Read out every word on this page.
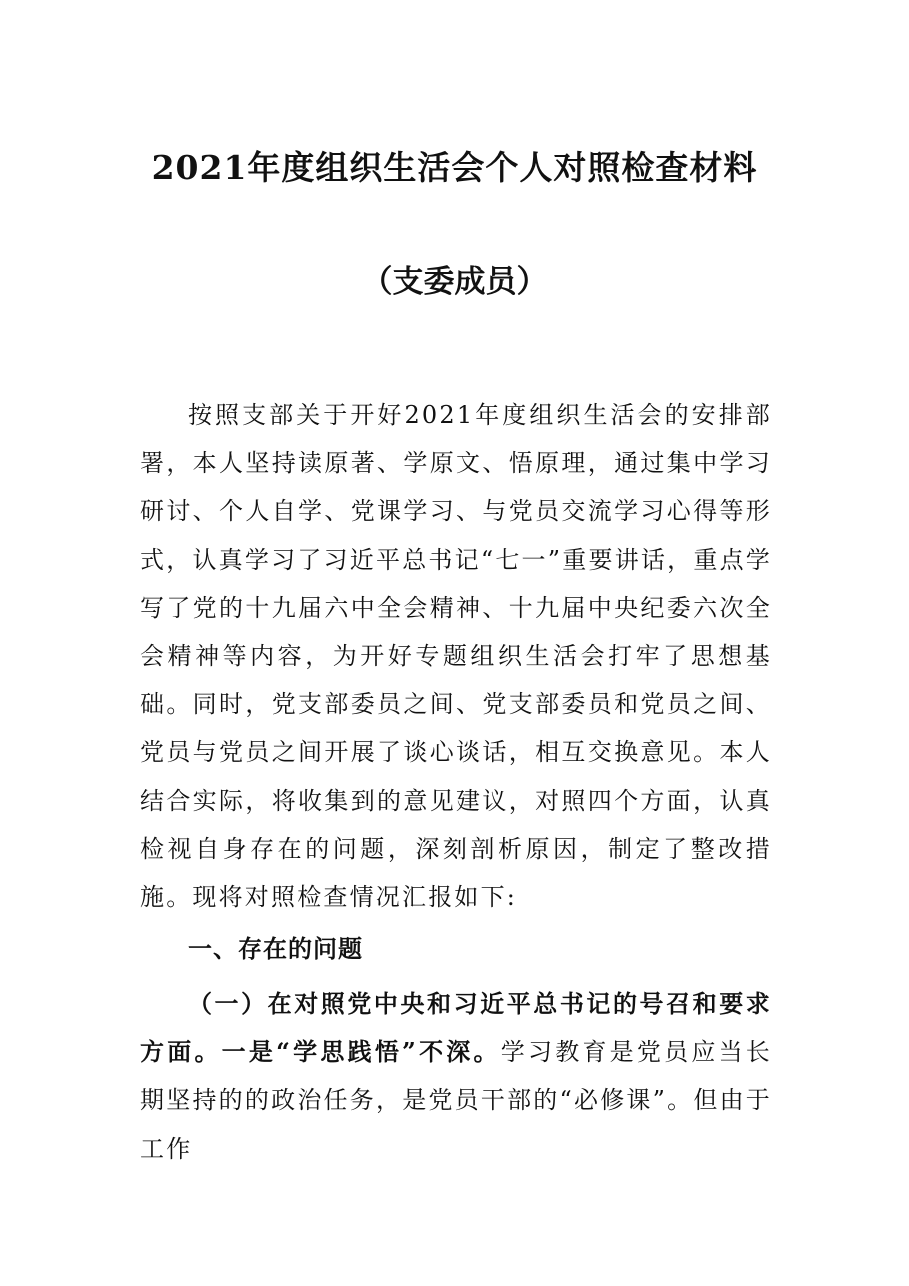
2021年度组织生活会个人对照检查材料
（支委成员）

按照支部关于开好2021年度组织生活会的安排部署，本人坚持读原著、学原文、悟原理，通过集中学习研讨、个人自学、党课学习、与党员交流学习心得等形式，认真学习了习近平总书记“七一”重要讲话，重点学写了党的十九届六中全会精神、十九届中央纪委六次全会精神等内容，为开好专题组织生活会打牢了思想基础。同时，党支部委员之间、党支部委员和党员之间、党员与党员之间开展了谈心谈话，相互交换意见。本人结合实际，将收集到的意见建议，对照四个方面，认真检视自身存在的问题，深刻剖析原因，制定了整改措施。现将对照检查情况汇报如下:

一、存在的问题

（一）在对照党中央和习近平总书记的号召和要求方面。一是“学思践悟”不深。学习教育是党员应当长期坚持的的政治任务，是党员干部的“必修课”。但由于工作
